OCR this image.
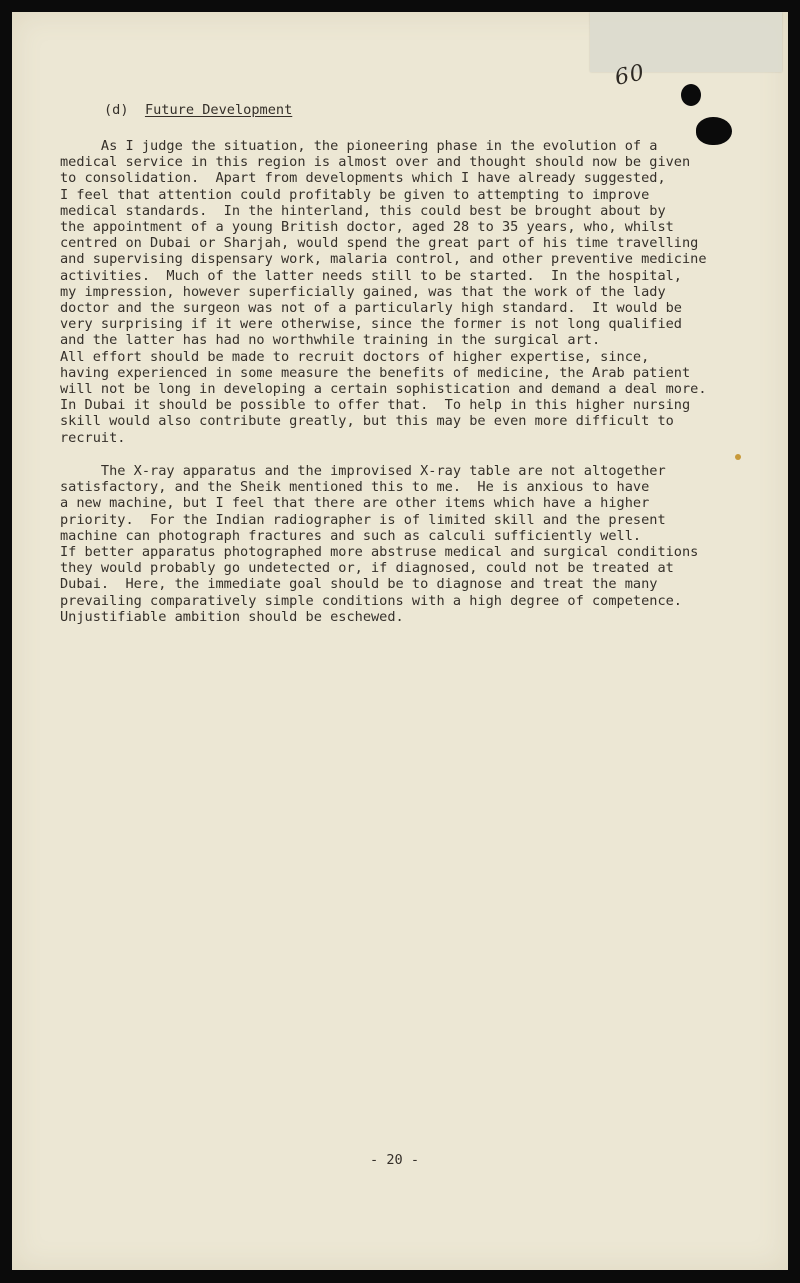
60
(d) Future Development
As I judge the situation, the pioneering phase in the evolution of a
medical service in this region is almost over and thought should now be given
to consolidation.  Apart from developments which I have already suggested,
I feel that attention could profitably be given to attempting to improve
medical standards.  In the hinterland, this could best be brought about by
the appointment of a young British doctor, aged 28 to 35 years, who, whilst
centred on Dubai or Sharjah, would spend the great part of his time travelling
and supervising dispensary work, malaria control, and other preventive medicine
activities.  Much of the latter needs still to be started.  In the hospital,
my impression, however superficially gained, was that the work of the lady
doctor and the surgeon was not of a particularly high standard.  It would be
very surprising if it were otherwise, since the former is not long qualified
and the latter has had no worthwhile training in the surgical art.
All effort should be made to recruit doctors of higher expertise, since,
having experienced in some measure the benefits of medicine, the Arab patient
will not be long in developing a certain sophistication and demand a deal more.
In Dubai it should be possible to offer that.  To help in this higher nursing
skill would also contribute greatly, but this may be even more difficult to
recruit.
The X-ray apparatus and the improvised X-ray table are not altogether
satisfactory, and the Sheik mentioned this to me.  He is anxious to have
a new machine, but I feel that there are other items which have a higher
priority.  For the Indian radiographer is of limited skill and the present
machine can photograph fractures and such as calculi sufficiently well.
If better apparatus photographed more abstruse medical and surgical conditions
they would probably go undetected or, if diagnosed, could not be treated at
Dubai.  Here, the immediate goal should be to diagnose and treat the many
prevailing comparatively simple conditions with a high degree of competence.
Unjustifiable ambition should be eschewed.
- 20 -
